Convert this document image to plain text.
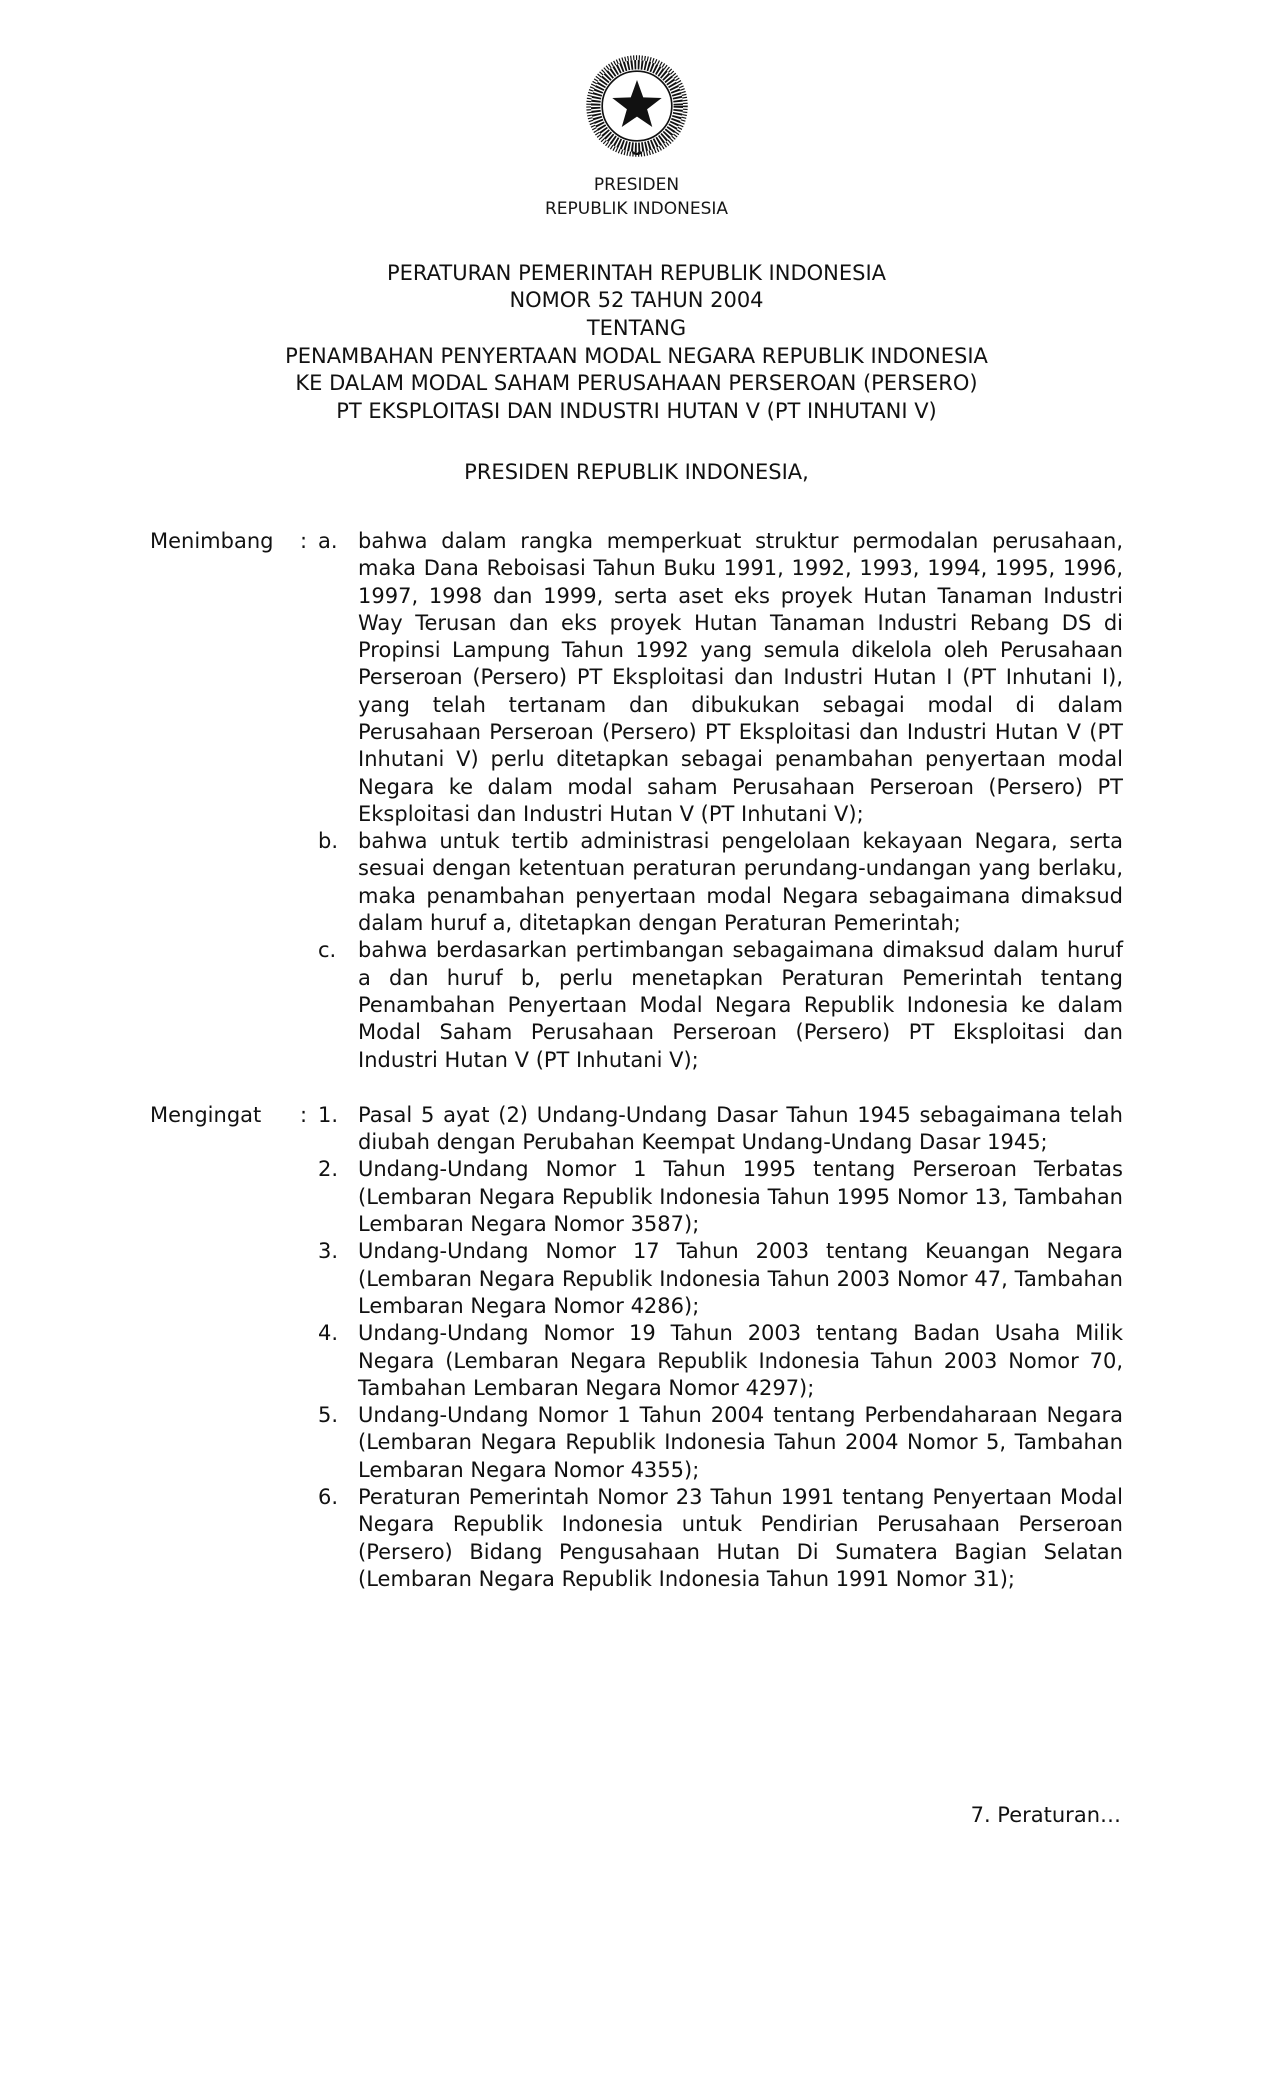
PRESIDEN
REPUBLIK INDONESIA
PERATURAN PEMERINTAH REPUBLIK INDONESIA
NOMOR 52 TAHUN 2004
TENTANG
PENAMBAHAN PENYERTAAN MODAL NEGARA REPUBLIK INDONESIA
KE DALAM MODAL SAHAM PERUSAHAAN PERSEROAN (PERSERO)
PT EKSPLOITASI DAN INDUSTRI HUTAN V (PT INHUTANI V)
PRESIDEN REPUBLIK INDONESIA,
Menimbang	: a. bahwa dalam rangka memperkuat struktur permodalan perusahaan, maka Dana Reboisasi Tahun Buku 1991, 1992, 1993, 1994, 1995, 1996, 1997, 1998 dan 1999, serta aset eks proyek Hutan Tanaman Industri Way Terusan dan eks proyek Hutan Tanaman Industri Rebang DS di Propinsi Lampung Tahun 1992 yang semula dikelola oleh Perusahaan Perseroan (Persero) PT Eksploitasi dan Industri Hutan I (PT Inhutani I), yang telah tertanam dan dibukukan sebagai modal di dalam Perusahaan Perseroan (Persero) PT Eksploitasi dan Industri Hutan V (PT Inhutani V) perlu ditetapkan sebagai penambahan penyertaan modal Negara ke dalam modal saham Perusahaan Perseroan (Persero) PT Eksploitasi dan Industri Hutan V (PT Inhutani V);
b. bahwa untuk tertib administrasi pengelolaan kekayaan Negara, serta sesuai dengan ketentuan peraturan perundang-undangan yang berlaku, maka penambahan penyertaan modal Negara sebagaimana dimaksud dalam huruf a, ditetapkan dengan Peraturan Pemerintah;
c.	bahwa berdasarkan pertimbangan sebagaimana dimaksud dalam huruf a dan huruf b, perlu menetapkan Peraturan Pemerintah tentang Penambahan Penyertaan Modal Negara Republik Indonesia ke dalam Modal Saham Perusahaan Perseroan (Persero) PT Eksploitasi dan Industri Hutan V (PT Inhutani V);
Mengingat	: 1. Pasal 5 ayat (2) Undang-Undang Dasar Tahun 1945 sebagaimana telah diubah dengan Perubahan Keempat Undang-Undang Dasar 1945;
2. Undang-Undang Nomor 1 Tahun 1995 tentang Perseroan Terbatas (Lembaran Negara Republik Indonesia Tahun 1995 Nomor 13, Tambahan Lembaran Negara Nomor 3587);
3. Undang-Undang Nomor 17 Tahun 2003 tentang Keuangan Negara (Lembaran Negara Republik Indonesia Tahun 2003 Nomor 47, Tambahan Lembaran Negara Nomor 4286);
4. Undang-Undang Nomor 19 Tahun 2003 tentang Badan Usaha Milik Negara (Lembaran Negara Republik Indonesia Tahun 2003 Nomor 70, Tambahan Lembaran Negara Nomor 4297);
5. Undang-Undang Nomor 1 Tahun 2004 tentang Perbendaharaan Negara (Lembaran Negara Republik Indonesia Tahun 2004 Nomor 5, Tambahan Lembaran Negara Nomor 4355);
6. Peraturan Pemerintah Nomor 23 Tahun 1991 tentang Penyertaan Modal Negara Republik Indonesia untuk Pendirian Perusahaan Perseroan (Persero) Bidang Pengusahaan Hutan Di Sumatera Bagian Selatan (Lembaran Negara Republik Indonesia Tahun 1991 Nomor 31);
7. Peraturan…
